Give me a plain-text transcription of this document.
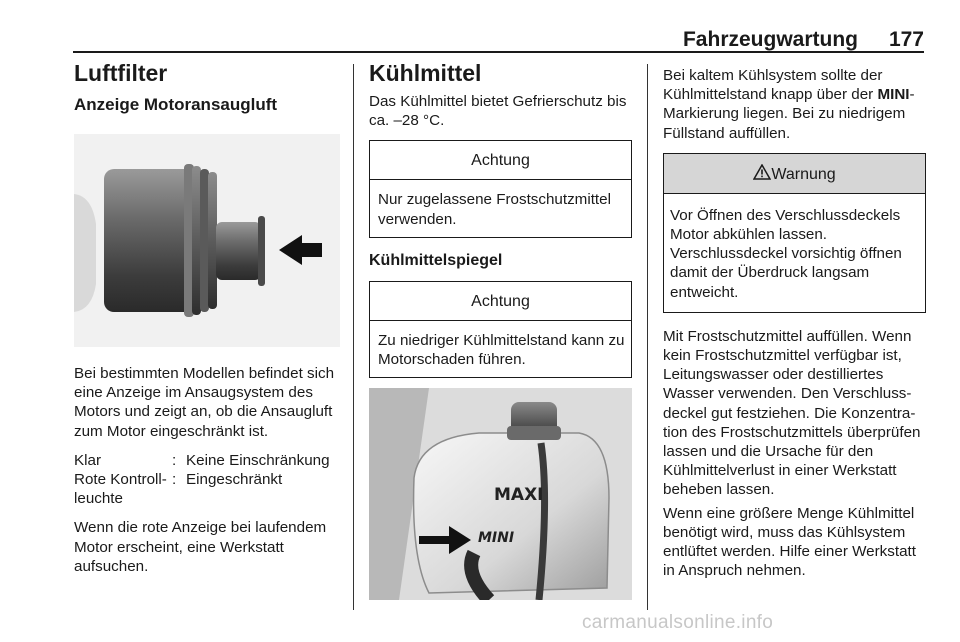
Fahrzeugwartung 177
Luftfilter
Anzeige Motoransaugluft

Bei bestimmten Modellen befindet sich eine Anzeige im Ansaugsystem des Motors und zeigt an, ob die Ansaugluft zum Motor eingeschränkt ist.

Klar	: Keine Einschränkung
Rote Kontrollleuchte
: Eingeschränkt

Wenn die rote Anzeige bei laufendem Motor erscheint, eine Werkstatt aufsuchen.

Kühlmittel

Das Kühlmittel bietet Gefrierschutz bis ca. –28 °C.

Achtung
Nur zugelassene Frostschutzmittel verwenden.
Kühlmittelspiegel
Achtung
Zu niedriger Kühlmittelstand kann zu Motorschaden führen.
MAXI
MINI

Bei kaltem Kühlsystem sollte der Kühlmittelstand knapp über der MINI-Markierung liegen. Bei zu niedrigem Füllstand auffüllen.

Warnung
Vor Öffnen des Verschlussdeckels Motor abkühlen lassen. Verschlussdeckel vorsichtig öffnen damit der Überdruck langsam entweicht.

Mit Frostschutzmittel auffüllen. Wenn kein Frostschutzmittel verfügbar ist, Leitungswasser oder destilliertes Wasser verwenden. Den Verschlussdeckel gut festziehen. Die Konzentration des Frostschutzmittels überprüfen lassen und die Ursache für den Kühlmittelverlust in einer Werkstatt beheben lassen.

Wenn eine größere Menge Kühlmittel benötigt wird, muss das Kühlsystem entlüftet werden. Hilfe einer Werkstatt in Anspruch nehmen.

carmanualsonline.info
